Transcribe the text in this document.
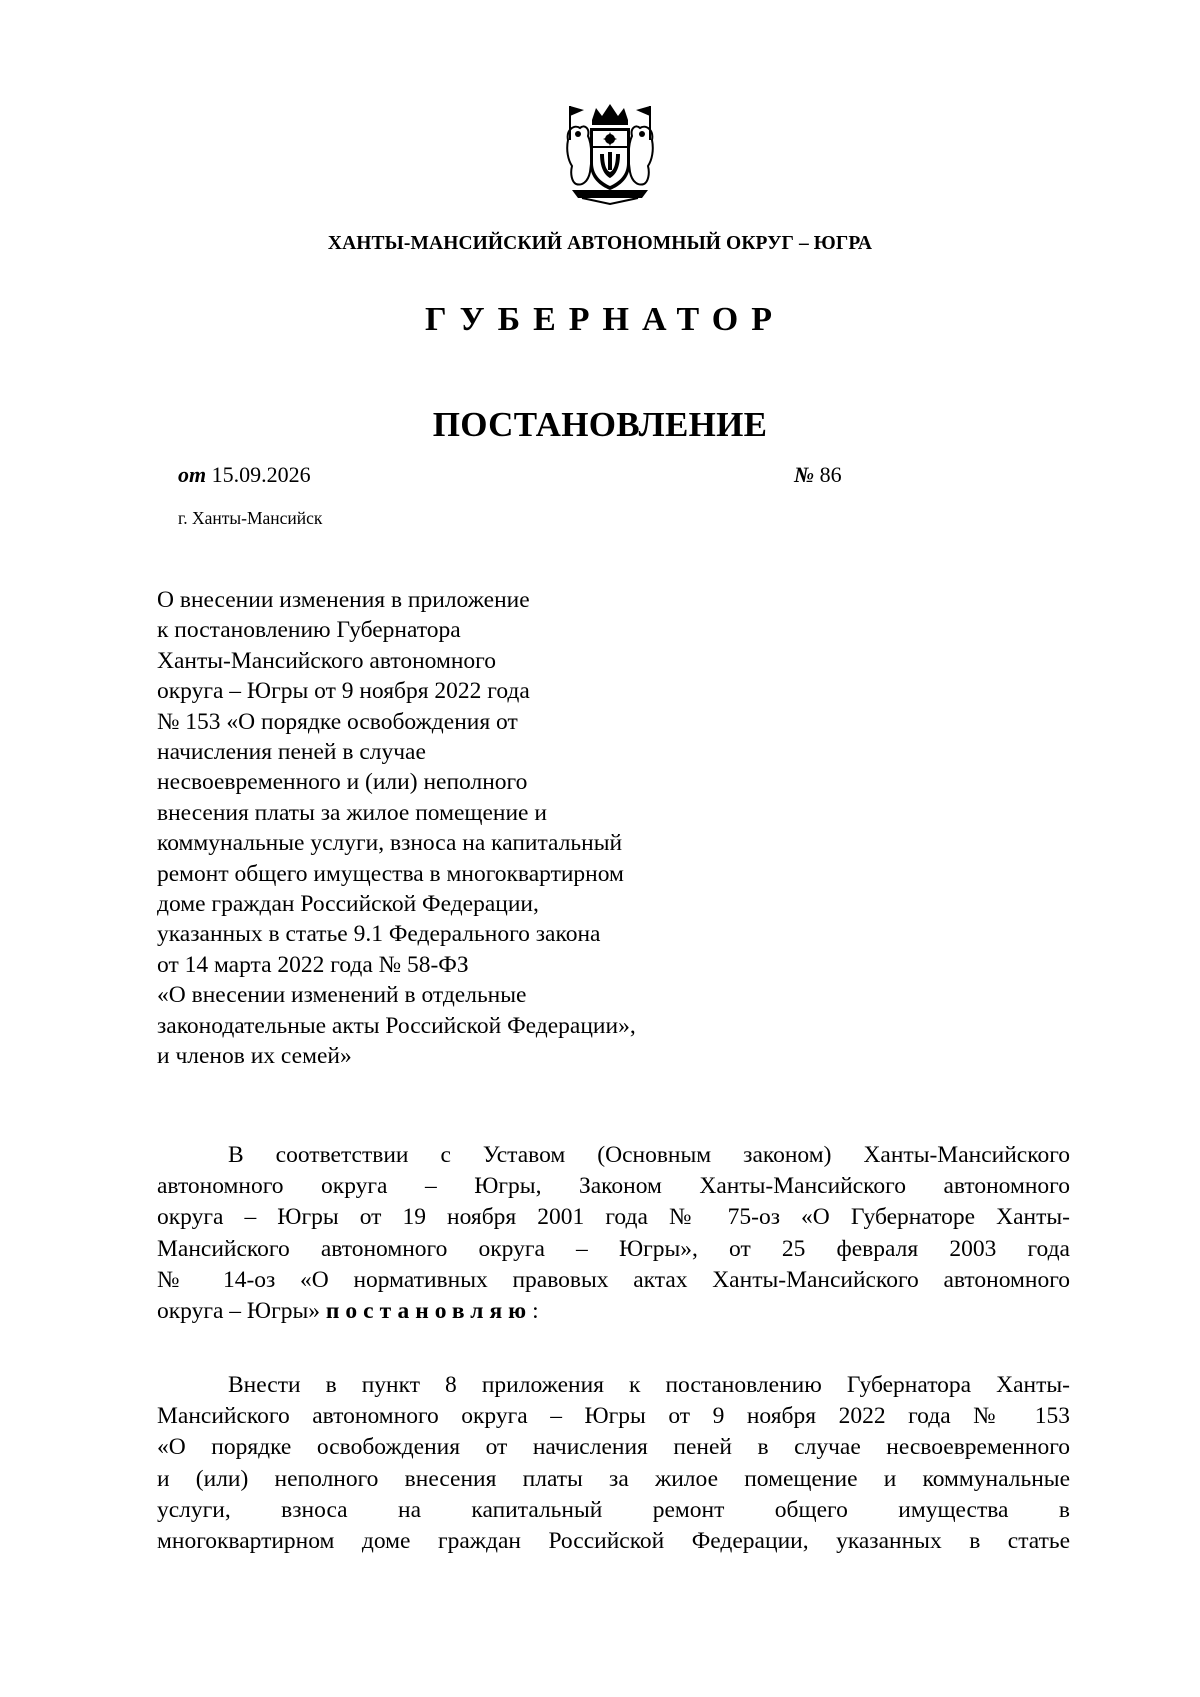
ХАНТЫ-МАНСИЙСКИЙ АВТОНОМНЫЙ ОКРУГ – ЮГРА
ГУБЕРНАТОР
ПОСТАНОВЛЕНИЕ
от 15.09.2026	№ 86
г. Ханты-Мансийск
О внесении изменения в приложение
к постановлению Губернатора
Ханты-Мансийского автономного
округа – Югры от 9 ноября 2022 года
№ 153 «О порядке освобождения от
начисления пеней в случае
несвоевременного и (или) неполного
внесения платы за жилое помещение и
коммунальные услуги, взноса на капитальный
ремонт общего имущества в многоквартирном
доме граждан Российской Федерации,
указанных в статье 9.1 Федерального закона
от 14 марта 2022 года № 58-ФЗ
«О внесении изменений в отдельные
законодательные акты Российской Федерации»,
и членов их семей»
В соответствии с Уставом (Основным законом) Ханты-Мансийского
автономного округа – Югры, Законом Ханты-Мансийского автономного
округа – Югры от 19 ноября 2001 года № 75-оз «О Губернаторе Ханты-
Мансийского автономного округа – Югры», от 25 февраля 2003 года
№ 14-оз «О нормативных правовых актах Ханты-Мансийского автономного
округа – Югры» постановляю:
Внести в пункт 8 приложения к постановлению Губернатора Ханты-
Мансийского автономного округа – Югры от 9 ноября 2022 года № 153
«О порядке освобождения от начисления пеней в случае несвоевременного
и (или) неполного внесения платы за жилое помещение и коммунальные
услуги, взноса на капитальный ремонт общего имущества в
многоквартирном доме граждан Российской Федерации, указанных в статье
